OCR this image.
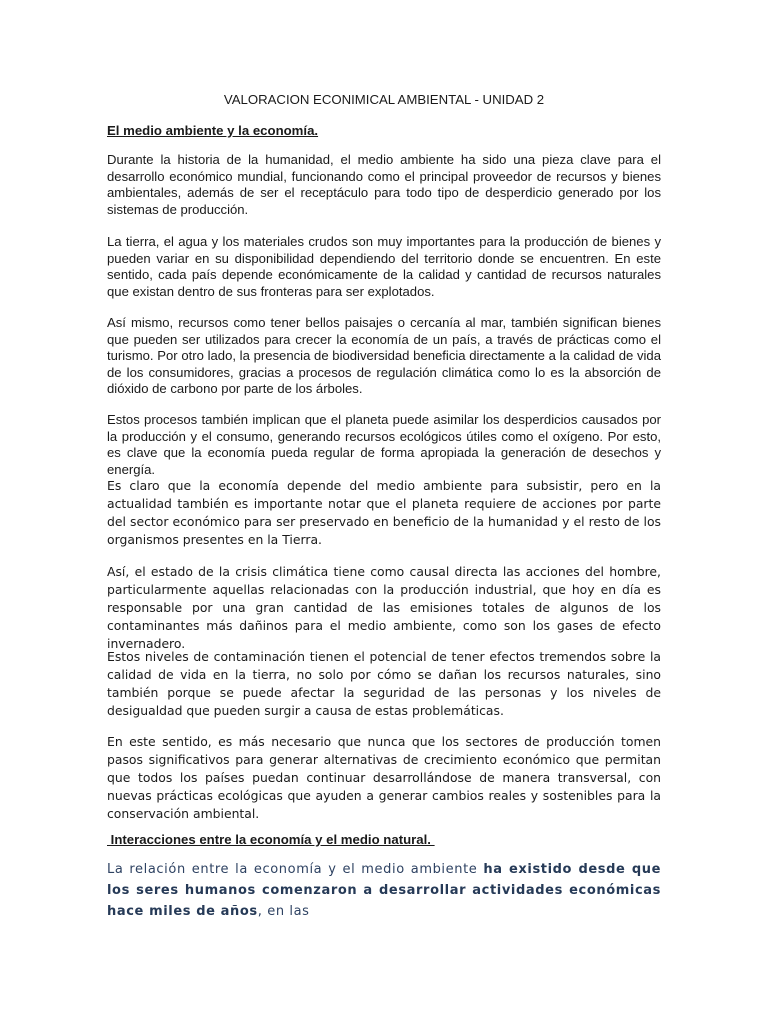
VALORACION ECONIMICAL AMBIENTAL - UNIDAD 2
El medio ambiente y la economía.

Durante la historia de la humanidad, el medio ambiente ha sido una pieza clave para el desarrollo económico mundial, funcionando como el principal proveedor de recursos y bienes ambientales, además de ser el receptáculo para todo tipo de desperdicio generado por los sistemas de producción.

La tierra, el agua y los materiales crudos son muy importantes para la producción de bienes y pueden variar en su disponibilidad dependiendo del territorio donde se encuentren. En este sentido, cada país depende económicamente de la calidad y cantidad de recursos naturales que existan dentro de sus fronteras para ser explotados.

Así mismo, recursos como tener bellos paisajes o cercanía al mar, también significan bienes que pueden ser utilizados para crecer la economía de un país, a través de prácticas como el turismo. Por otro lado, la presencia de biodiversidad beneficia directamente a la calidad de vida de los consumidores, gracias a procesos de regulación climática como lo es la absorción de dióxido de carbono por parte de los árboles.

Estos procesos también implican que el planeta puede asimilar los desperdicios causados por la producción y el consumo, generando recursos ecológicos útiles como el oxígeno. Por esto, es clave que la economía pueda regular de forma apropiada la generación de desechos y energía.

Es claro que la economía depende del medio ambiente para subsistir, pero en la actualidad también es importante notar que el planeta requiere de acciones por parte del sector económico para ser preservado en beneficio de la humanidad y el resto de los organismos presentes en la Tierra.

Así, el estado de la crisis climática tiene como causal directa las acciones del hombre, particularmente aquellas relacionadas con la producción industrial, que hoy en día es responsable por una gran cantidad de las emisiones totales de algunos de los contaminantes más dañinos para el medio ambiente, como son los gases de efecto invernadero.

Estos niveles de contaminación tienen el potencial de tener efectos tremendos sobre la calidad de vida en la tierra, no solo por cómo se dañan los recursos naturales, sino también porque se puede afectar la seguridad de las personas y los niveles de desigualdad que pueden surgir a causa de estas problemáticas.

En este sentido, es más necesario que nunca que los sectores de producción tomen pasos significativos para generar alternativas de crecimiento económico que permitan que todos los países puedan continuar desarrollándose de manera transversal, con nuevas prácticas ecológicas que ayuden a generar cambios reales y sostenibles para la conservación ambiental.

Interacciones entre la economía y el medio natural.

La relación entre la economía y el medio ambiente ha existido desde que los seres humanos comenzaron a desarrollar actividades económicas hace miles de años, en las
